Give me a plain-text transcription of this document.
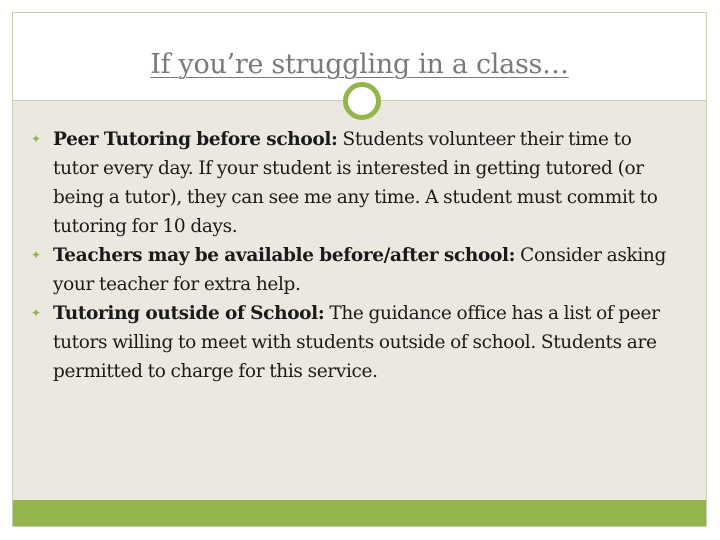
If you’re struggling in a class…
✦ Peer Tutoring before school: Students volunteer their time to tutor every day. If your student is interested in getting tutored (or being a tutor), they can see me any time. A student must commit to tutoring for 10 days.
✦ Teachers may be available before/after school: Consider asking your teacher for extra help.
✦ Tutoring outside of School: The guidance office has a list of peer tutors willing to meet with students outside of school. Students are permitted to charge for this service.
